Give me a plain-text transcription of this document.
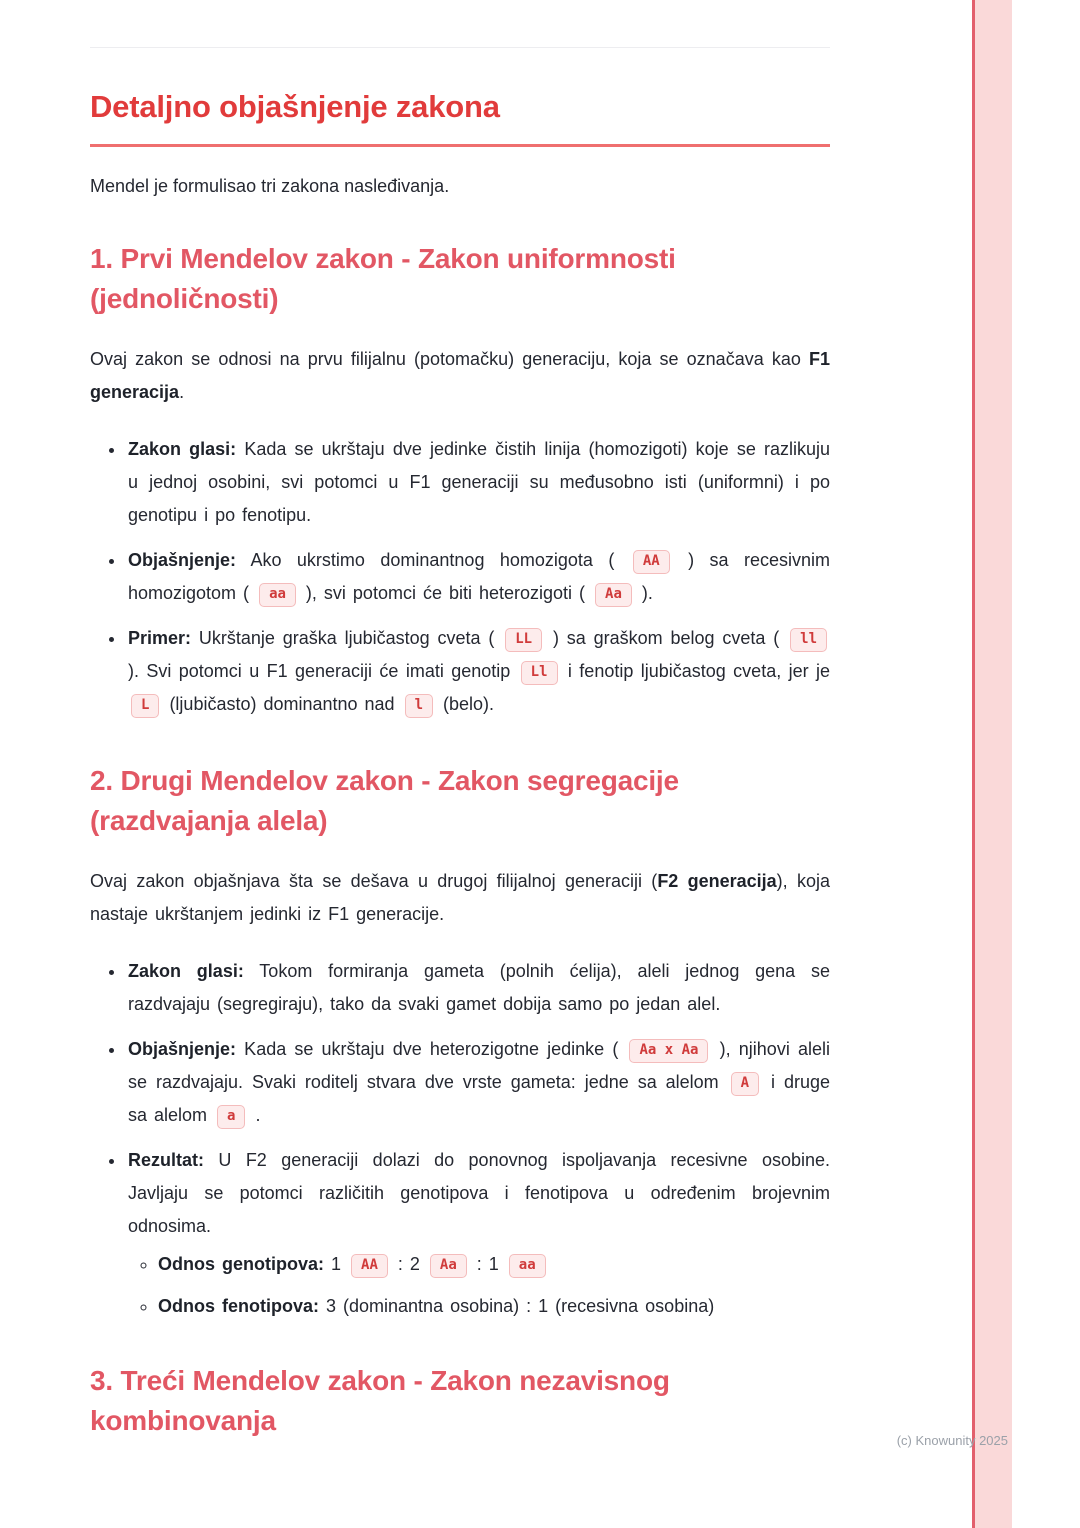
Detaljno objašnjenje zakona

Mendel je formulisao tri zakona nasleđivanja.

1. Prvi Mendelov zakon - Zakon uniformnosti (jednoličnosti)

Ovaj zakon se odnosi na prvu filijalnu (potomačku) generaciju, koja se označava kao F1 generacija.

• Zakon glasi: Kada se ukrštaju dve jedinke čistih linija (homozigoti) koje se razlikuju u jednoj osobini, svi potomci u F1 generaciji su međusobno isti (uniformni) i po genotipu i po fenotipu.
• Objašnjenje: Ako ukrstimo dominantnog homozigota ( AA ) sa recesivnim homozigotom ( aa ), svi potomci će biti heterozigoti ( Aa ).
• Primer: Ukrštanje graška ljubičastog cveta ( LL ) sa graškom belog cveta ( ll ). Svi potomci u F1 generaciji će imati genotip Ll i fenotip ljubičastog cveta, jer je L (ljubičasto) dominantno nad l (belo).
2. Drugi Mendelov zakon - Zakon segregacije (razdvajanja alela)

Ovaj zakon objašnjava šta se dešava u drugoj filijalnoj generaciji (F2 generacija), koja nastaje ukrštanjem jedinki iz F1 generacije.

• Zakon glasi: Tokom formiranja gameta (polnih ćelija), aleli jednog gena se razdvajaju (segregiraju), tako da svaki gamet dobija samo po jedan alel.
• Objašnjenje: Kada se ukrštaju dve heterozigotne jedinke ( Aa x Aa ), njihovi aleli se razdvajaju. Svaki roditelj stvara dve vrste gameta: jedne sa alelom A i druge sa alelom a .
• Rezultat: U F2 generaciji dolazi do ponovnog ispoljavanja recesivne osobine. Javljaju se potomci različitih genotipova i fenotipova u određenim brojevnim odnosima.
◦ Odnos genotipova: 1 AA : 2 Aa : 1 aa
◦ Odnos fenotipova: 3 (dominantna osobina) : 1 (recesivna osobina)
3. Treći Mendelov zakon - Zakon nezavisnog kombinovanja
(c) Knowunity 2025
